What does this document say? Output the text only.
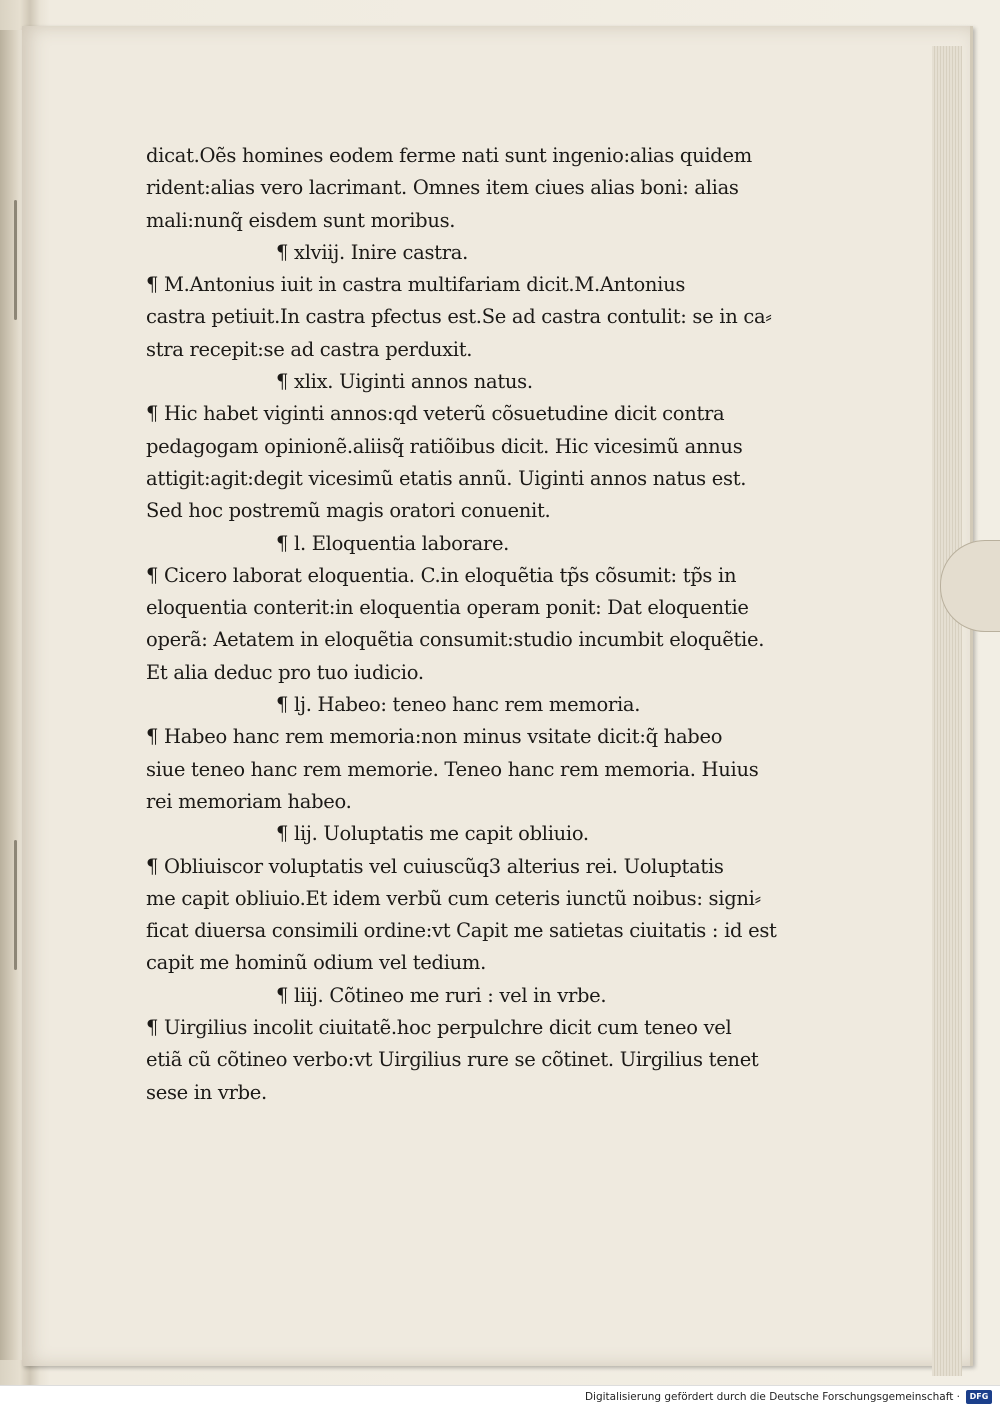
dicat.Oẽs homines eodem ferme nati sunt ingenio:alias quidem
rident:alias vero lacrimant. Omnes item ciues alias boni: alias
mali:nunq̃ eisdem sunt moribus.
¶ xlviij. Inire castra.
¶ M.Antonius iuit in castra multifariam dicit.M.Antonius
castra petiuit.In castra pfectus est.Se ad castra contulit: se in ca⸗
stra recepit:se ad castra perduxit.
¶ xlix. Uiginti annos natus.
¶ Hic habet viginti annos:qd veterũ cõsuetudine dicit contra
pedagogam opinionẽ.aliisq̃ ratiõibus dicit. Hic vicesimũ annus
attigit:agit:degit vicesimũ etatis annũ. Uiginti annos natus est.
Sed hoc postremũ magis oratori conuenit.
¶ l. Eloquentia laborare.
¶ Cicero laborat eloquentia. C.in eloquẽtia tp̃s cõsumit: tp̃s in
eloquentia conterit:in eloquentia operam ponit: Dat eloquentie
operã: Aetatem in eloquẽtia consumit:studio incumbit eloquẽtie.
Et alia deduc pro tuo iudicio.
¶ lj. Habeo: teneo hanc rem memoria.
¶ Habeo hanc rem memoria:non minus vsitate dicit:q̃ habeo
siue teneo hanc rem memorie. Teneo hanc rem memoria. Huius
rei memoriam habeo.
¶ lij. Uoluptatis me capit obliuio.
¶ Obliuiscor voluptatis vel cuiuscũq3 alterius rei. Uoluptatis
me capit obliuio.Et idem verbũ cum ceteris iunctũ noibus: signi⸗
ficat diuersa consimili ordine:vt Capit me satietas ciuitatis : id est
capit me hominũ odium vel tedium.
¶ liij. Cõtineo me ruri : vel in vrbe.
¶ Uirgilius incolit ciuitatẽ.hoc perpulchre dicit cum teneo vel
etiã cũ cõtineo verbo:vt Uirgilius rure se cõtinet. Uirgilius tenet
sese in vrbe.
Digitalisierung gefördert durch die Deutsche Forschungsgemeinschaft ·	DFG
